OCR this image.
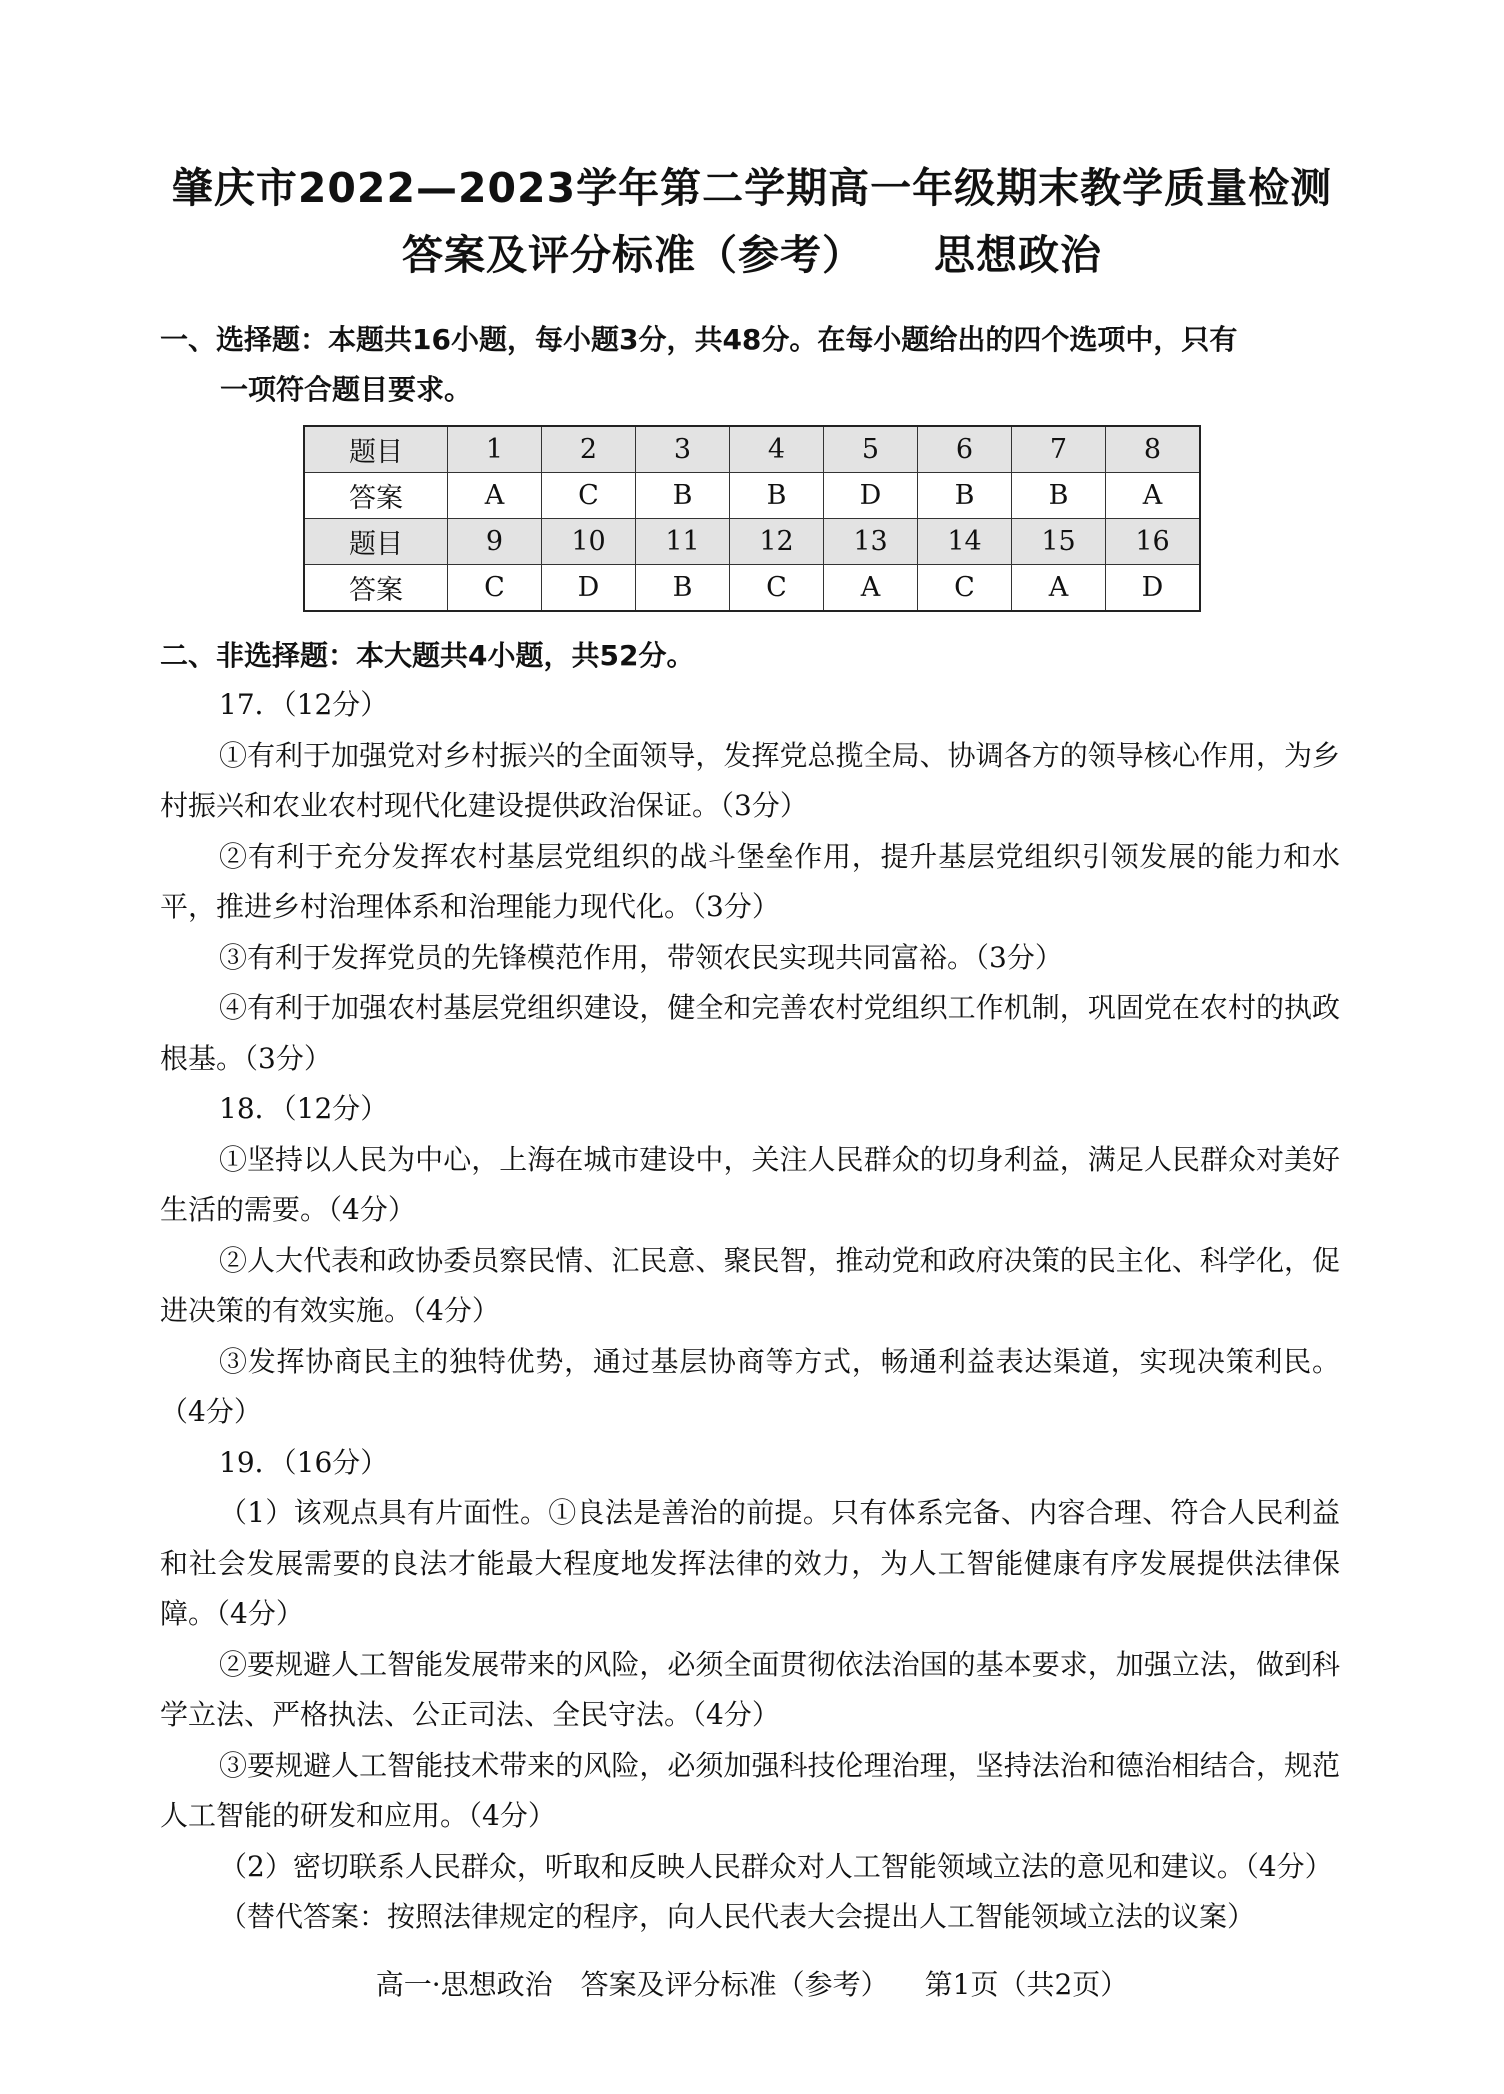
肇庆市2022—2023学年第二学期高一年级期末教学质量检测
答案及评分标准（参考） 思想政治
一、选择题：本题共16小题，每小题3分，共48分。在每小题给出的四个选项中，只有
一项符合题目要求。
题目	1	2	3	4	5	6	7	8
答案	A	C	B	B	D	B	B	A
题目	9	10	11	12	13	14	15	16
答案	C	D	B	C	A	C	A	D
二、非选择题：本大题共4小题，共52分。

17．（12分）

①有利于加强党对乡村振兴的全面领导，发挥党总揽全局、协调各方的领导核心作用，为乡村振兴和农业农村现代化建设提供政治保证。（3分）

②有利于充分发挥农村基层党组织的战斗堡垒作用，提升基层党组织引领发展的能力和水平，推进乡村治理体系和治理能力现代化。（3分）

③有利于发挥党员的先锋模范作用，带领农民实现共同富裕。（3分）

④有利于加强农村基层党组织建设，健全和完善农村党组织工作机制，巩固党在农村的执政根基。（3分）

18．（12分）

①坚持以人民为中心，上海在城市建设中，关注人民群众的切身利益，满足人民群众对美好生活的需要。（4分）

②人大代表和政协委员察民情、汇民意、聚民智，推动党和政府决策的民主化、科学化，促进决策的有效实施。（4分）

③发挥协商民主的独特优势，通过基层协商等方式，畅通利益表达渠道，实现决策利民。（4分）

19．（16分）

（1）该观点具有片面性。①良法是善治的前提。只有体系完备、内容合理、符合人民利益和社会发展需要的良法才能最大程度地发挥法律的效力，为人工智能健康有序发展提供法律保障。（4分）

②要规避人工智能发展带来的风险，必须全面贯彻依法治国的基本要求，加强立法，做到科学立法、严格执法、公正司法、全民守法。（4分）

③要规避人工智能技术带来的风险，必须加强科技伦理治理，坚持法治和德治相结合，规范人工智能的研发和应用。（4分）

（2）密切联系人民群众，听取和反映人民群众对人工智能领域立法的意见和建议。（4分）

（替代答案：按照法律规定的程序，向人民代表大会提出人工智能领域立法的议案）

高一·思想政治　答案及评分标准（参考） 第1页（共2页）
